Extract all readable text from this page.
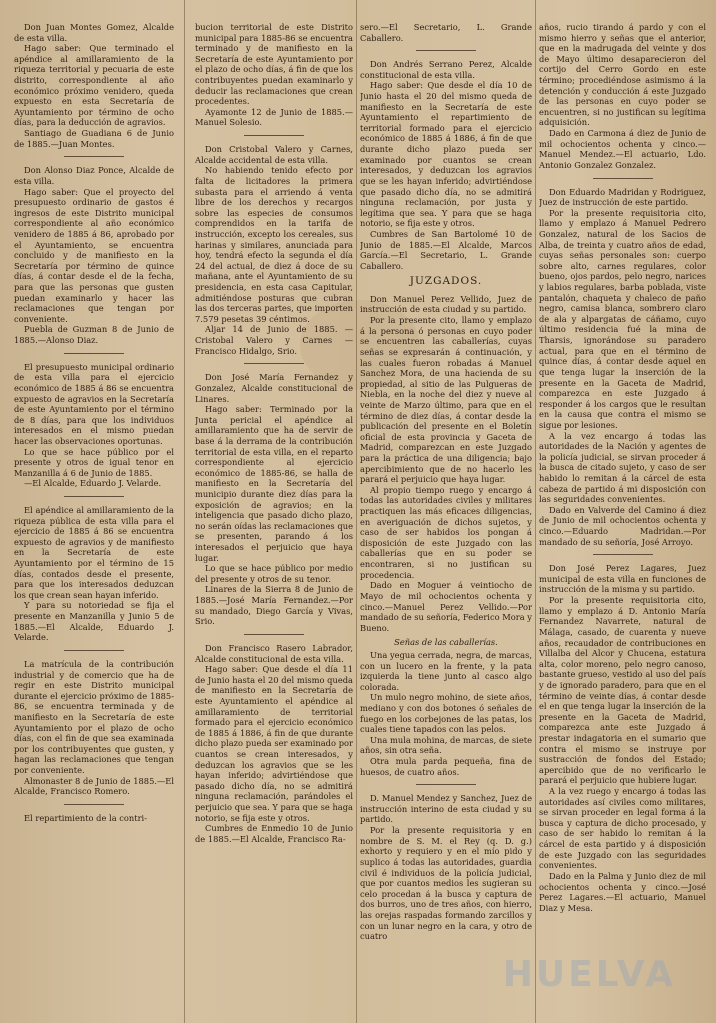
Don Juan Montes Gomez, Alcalde de esta villa.
Hago saber: Que terminado el apéndice al amillaramiento de la riqueza territorial y pecuaria de este distrito, correspondiente al año económico próximo venidero, queda expuesto en esta Secretaría de Ayuntamiento por término de ocho días, para la deducción de agravios.
Santiago de Guadiana 6 de Junio de 1885.—Juan Montes.
Don Alonso Diaz Ponce, Alcalde de esta villa.
Hago saber: Que el proyecto del presupuesto ordinario de gastos é ingresos de este Distrito municipal correspondiente al año económico venidero de 1885 á 86, aprobado por el Ayuntamiento, se encuentra concluido y de manifiesto en la Secretaría por término de quince días, á contar desde el de la fecha, para que las personas que gusten puedan examinarlo y hacer las reclamaciones que tengan por conveniente.
Puebla de Guzman 8 de Junio de 1885.—Alonso Diaz.
El presupuesto municipal ordinario de esta villa para el ejercicio económico de 1885 á 86 se encuentra expuesto de agravios en la Secretaría de este Ayuntamiento por el término de 8 días, para que los individuos interesados en el mismo puedan hacer las observaciones oportunas.
Lo que se hace público por el presente y otros de igual tenor en Manzanilla á 6 de Junio de 1885.
—El Alcalde, Eduardo J. Velarde.
El apéndice al amillaramiento de la riqueza pública de esta villa para el ejercicio de 1885 á 86 se encuentra expuesto de agravios y de manifiesto en la Secretaría de este Ayuntamiento por el término de 15 días, contados desde el presente, para que los interesados deduzcan los que crean sean hayan inferido.
Y para su notoriedad se fija el presente en Manzanilla y Junio 5 de 1885.—El Alcalde, Eduardo J. Velarde.
La matrícula de la contribución industrial y de comercio que ha de regir en este Distrito municipal durante el ejercicio próximo de 1885-86, se encuentra terminada y de manifiesto en la Secretaría de este Ayuntamiento por el plazo de ocho días, con el fin de que sea examinada por los contribuyentes que gusten, y hagan las reclamaciones que tengan por conveniente.
Almonaster 8 de Junio de 1885.—El Alcalde, Francisco Romero.
El repartimiento de la contri-
bucion territorial de este Distrito municipal para 1885-86 se encuentra terminado y de manifiesto en la Secretaría de este Ayuntamiento por el plazo de ocho días, á fin de que los contribuyentes puedan examinarlo y deducir las reclamaciones que crean procedentes.
Ayamonte 12 de Junio de 1885.—Manuel Solesio.
Don Cristobal Valero y Carnes, Alcalde accidental de esta villa.
No habiendo tenido efecto por falta de licitadores la primera subasta para el arriendo á venta libre de los derechos y recargos sobre las especies de consumos comprendidos en la tarifa de instrucción, excepto los cereales, sus harinas y similares, anunciada para hoy, tendrá efecto la segunda el día 24 del actual, de diez á doce de su mañana, ante el Ayuntamiento de su presidencia, en esta casa Capitular, admitiéndose posturas que cubran las dos terceras partes, que importen 7.579 pesetas 39 céntimos.
Aljar 14 de Junio de 1885. —Cristobal Valero y Carnes — Francisco Hidalgo, Srio.
Don José María Fernandez y Gonzalez, Alcalde constitucional de Linares.
Hago saber: Terminado por la Junta pericial el apéndice al amillaramiento que ha de servir de base á la derrama de la contribución territorial de esta villa, en el reparto correspondiente al ejercicio económico de 1885-86, se halla de manifiesto en la Secretaría del municipio durante diez días para la exposición de agravios; en la inteligencia que pasado dicho plazo, no serán oídas las reclamaciones que se presenten, parando á los interesados el perjuicio que haya lugar.
Lo que se hace público por medio del presente y otros de su tenor.
Linares de la Sierra 8 de Junio de 1885.—José María Fernandez.—Por su mandado, Diego García y Vivas, Srio.
Don Francisco Rasero Labrador, Alcalde constitucional de esta villa.
Hago saber: Que desde el día 11 de Junio hasta el 20 del mismo queda de manifiesto en la Secretaría de este Ayuntamiento el apéndice al amillaramiento de territorial formado para el ejercicio económico de 1885 á 1886, á fin de que durante dicho plazo pueda ser examinado por cuantos se crean interesados, y deduzcan los agravios que se les hayan inferido; advirtiéndose que pasado dicho día, no se admitirá ninguna reclamación, parándoles el perjuicio que sea. Y para que se haga notorio, se fija este y otros.
Cumbres de Enmedio 10 de Junio de 1885.—El Alcalde, Francisco Ra-
sero.—El Secretario, L. Grande Caballero.
Don Andrés Serrano Perez, Alcalde constitucional de esta villa.
Hago saber: Que desde el día 10 de Junio hasta el 20 del mismo queda de manifiesto en la Secretaría de este Ayuntamiento el repartimiento de territorial formado para el ejercicio económico de 1885 á 1886, á fin de que durante dicho plazo pueda ser examinado por cuantos se crean interesados, y deduzcan los agravios que se les hayan inferido; advirtiéndose que pasado dicho día, no se admitirá ninguna reclamación, por justa y legítima que sea. Y para que se haga notorio, se fija este y otros.
Cumbres de San Bartolomé 10 de Junio de 1885.—El Alcalde, Marcos García.—El Secretario, L. Grande Caballero.
JUZGADOS.
Don Manuel Perez Vellido, Juez de instrucción de esta ciudad y su partido.
Por la presente cito, llamo y emplazo á la persona ó personas en cuyo poder se encuentren las caballerías, cuyas señas se expresarán á continuación, y las cuales fueron robadas á Manuel Sanchez Mora, de una hacienda de su propiedad, al sitio de las Pulgueras de Niebla, en la noche del diez y nueve al veinte de Marzo último, para que en el término de diez días, á contar desde la publicación del presente en el Boletín oficial de esta provincia y Gaceta de Madrid, comparezcan en este Juzgado para la práctica de una diligencia; bajo apercibimiento que de no hacerlo les parará el perjuicio que haya lugar.
Al propio tiempo ruego y encargo á todas las autoridades civiles y militares practiquen las más eficaces diligencias, en averiguación de dichos sujetos, y caso de ser habidos los pongan á disposición de este Juzgado con las caballerías que en su poder se encontraren, si no justifican su procedencia.
Dado en Moguer á veintiocho de Mayo de mil ochocientos ochenta y cinco.—Manuel Perez Vellido.—Por mandado de su señoría, Federico Mora y Bueno.
Señas de las caballerías.
Una yegua cerrada, negra, de marcas, con un lucero en la frente, y la pata izquierda la tiene junto al casco algo colorada.
Un mulo negro mohino, de siete años, mediano y con dos botones ó señales de fuego en los corbejones de las patas, los cuales tiene tapados con las pelos.
Una mula mohina, de marcas, de siete años, sin otra seña.
Otra mula parda pequeña, fina de huesos, de cuatro años.
D. Manuel Mendez y Sanchez, Juez de instrucción interino de esta ciudad y su partido.
Por la presente requisitoria y en nombre de S. M. el Rey (q. D. g.) exhorto y requiero y en el mío pido y suplico á todas las autoridades, guardia civil é individuos de la policía judicial, que por cuantos medios les sugieran su celo procedan á la busca y captura de dos burros, uno de tres años, con hierro, las orejas raspadas formando zarcillos y con un lunar negro en la cara, y otro de cuatro
años, rucio tirando á pardo y con el mismo hierro y señas que el anterior, que en la madrugada del veinte y dos de Mayo último desaparecieron del cortijo del Cerro Gordo en este término; procediéndose asimismo á la detención y conducción á este Juzgado de las personas en cuyo poder se encuentren, si no justifican su legítima adquisición.
Dado en Carmona á diez de Junio de mil ochocientos ochenta y cinco.—Manuel Mendez.—El actuario, Ldo. Antonio Gonzalez Gonzalez.
Don Eduardo Madridan y Rodriguez, Juez de instrucción de este partido.
Por la presente requisitoria cito, llamo y emplazo á Manuel Pedrero Gonzalez, natural de los Sacios de Alba, de treinta y cuatro años de edad, cuyas señas personales son: cuerpo sobre alto, carnes regulares, color bueno, ojos pardos, pelo negro, narices y labios regulares, barba poblada, viste pantalón, chaqueta y chaleco de paño negro, camisa blanca, sombrero claro de ala y alpargatas de cáñamo, cuyo último residencia fué la mina de Tharsis, ignorándose su paradero actual, para que en el término de quince días, á contar desde aquel en que tenga lugar la inserción de la presente en la Gaceta de Madrid, comparezca en este Juzgado á responder á los cargos que le resultan en la causa que contra el mismo se sigue por lesiones.
A la vez encargo á todas las autoridades de la Nación y agentes de la policía judicial, se sirvan proceder á la busca de citado sujeto, y caso de ser habido lo remitan á la cárcel de esta cabeza de partido á mi disposición con las seguridades convenientes.
Dado en Valverde del Camino á diez de Junio de mil ochocientos ochenta y cinco.—Eduardo Madridan.—Por mandado de su señoría, José Arroyo.
Don José Perez Lagares, Juez municipal de esta villa en funciones de instrucción de la misma y su partido.
Por la presente requisitoria cito, llamo y emplazo á D. Antonio María Fernandez Navarrete, natural de Málaga, casado, de cuarenta y nueve años, recaudador de contribuciones en Villalba del Alcor y Chucena, estatura alta, color moreno, pelo negro canoso, bastante grueso, vestido al uso del país y de ignorado paradero, para que en el término de veinte días, á contar desde el en que tenga lugar la inserción de la presente en la Gaceta de Madrid, comparezca ante este Juzgado á prestar indagatoria en el sumario que contra el mismo se instruye por sustracción de fondos del Estado; apercibido que de no verificarlo le parará el perjuicio que hubiere lugar.
A la vez ruego y encargo á todas las autoridades así civiles como militares, se sirvan proceder en legal forma á la busca y captura de dicho procesado, y caso de ser habido lo remitan á la cárcel de esta partido y á disposición de este Juzgado con las seguridades convenientes.
Dado en la Palma y Junio diez de mil ochocientos ochenta y cinco.—José Perez Lagares.—El actuario, Manuel Diaz y Mesa.
HUELVA
